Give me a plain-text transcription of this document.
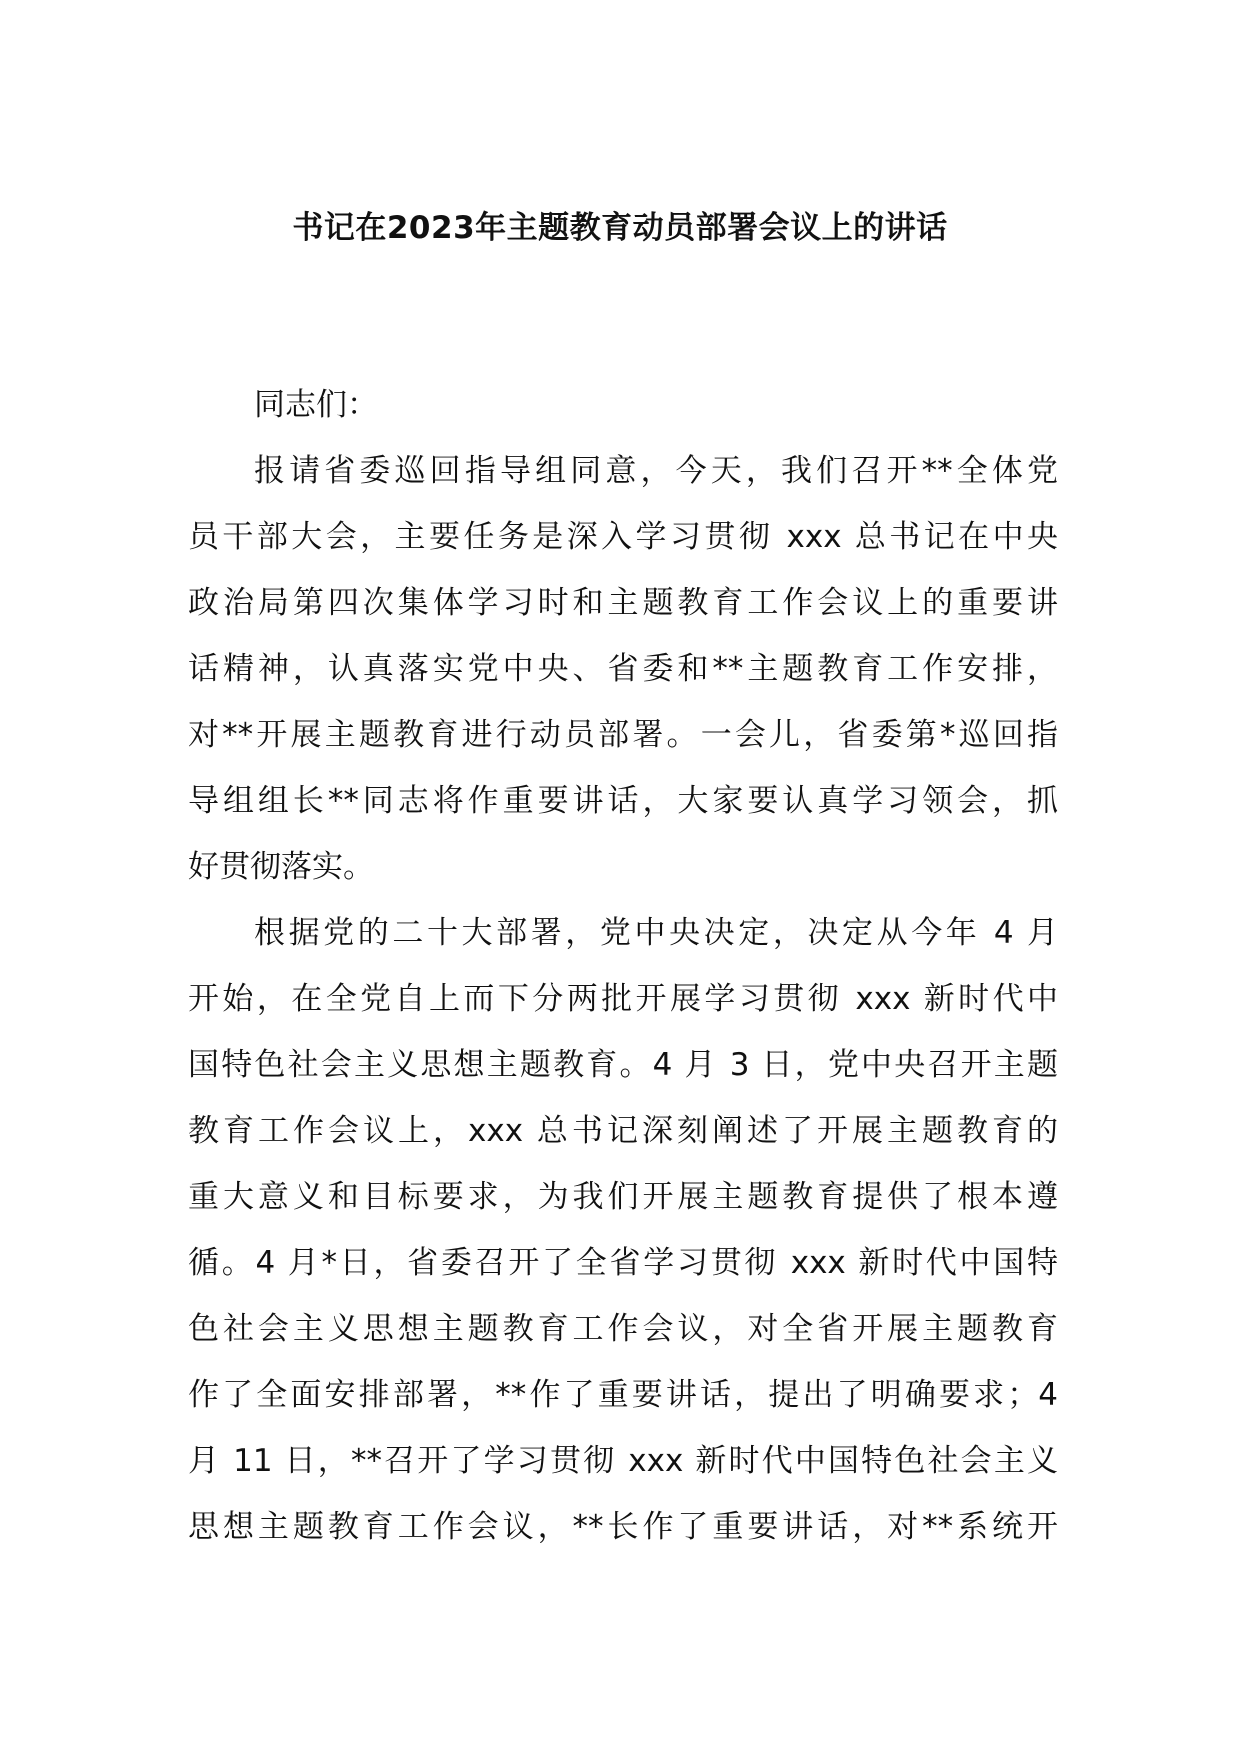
书记在2023年主题教育动员部署会议上的讲话
同志们：
报请省委巡回指导组同意，今天，我们召开**全体党
员干部大会，主要任务是深入学习贯彻 xxx 总书记在中央
政治局第四次集体学习时和主题教育工作会议上的重要讲
话精神，认真落实党中央、省委和**主题教育工作安排，
对**开展主题教育进行动员部署。一会儿，省委第*巡回指
导组组长**同志将作重要讲话，大家要认真学习领会，抓
好贯彻落实。
根据党的二十大部署，党中央决定，决定从今年 4 月
开始，在全党自上而下分两批开展学习贯彻 xxx 新时代中
国特色社会主义思想主题教育。4 月 3 日，党中央召开主题
教育工作会议上，xxx 总书记深刻阐述了开展主题教育的
重大意义和目标要求，为我们开展主题教育提供了根本遵
循。4 月*日，省委召开了全省学习贯彻 xxx 新时代中国特
色社会主义思想主题教育工作会议，对全省开展主题教育
作了全面安排部署，**作了重要讲话，提出了明确要求；4
月 11 日，**召开了学习贯彻 xxx 新时代中国特色社会主义
思想主题教育工作会议，**长作了重要讲话，对**系统开
